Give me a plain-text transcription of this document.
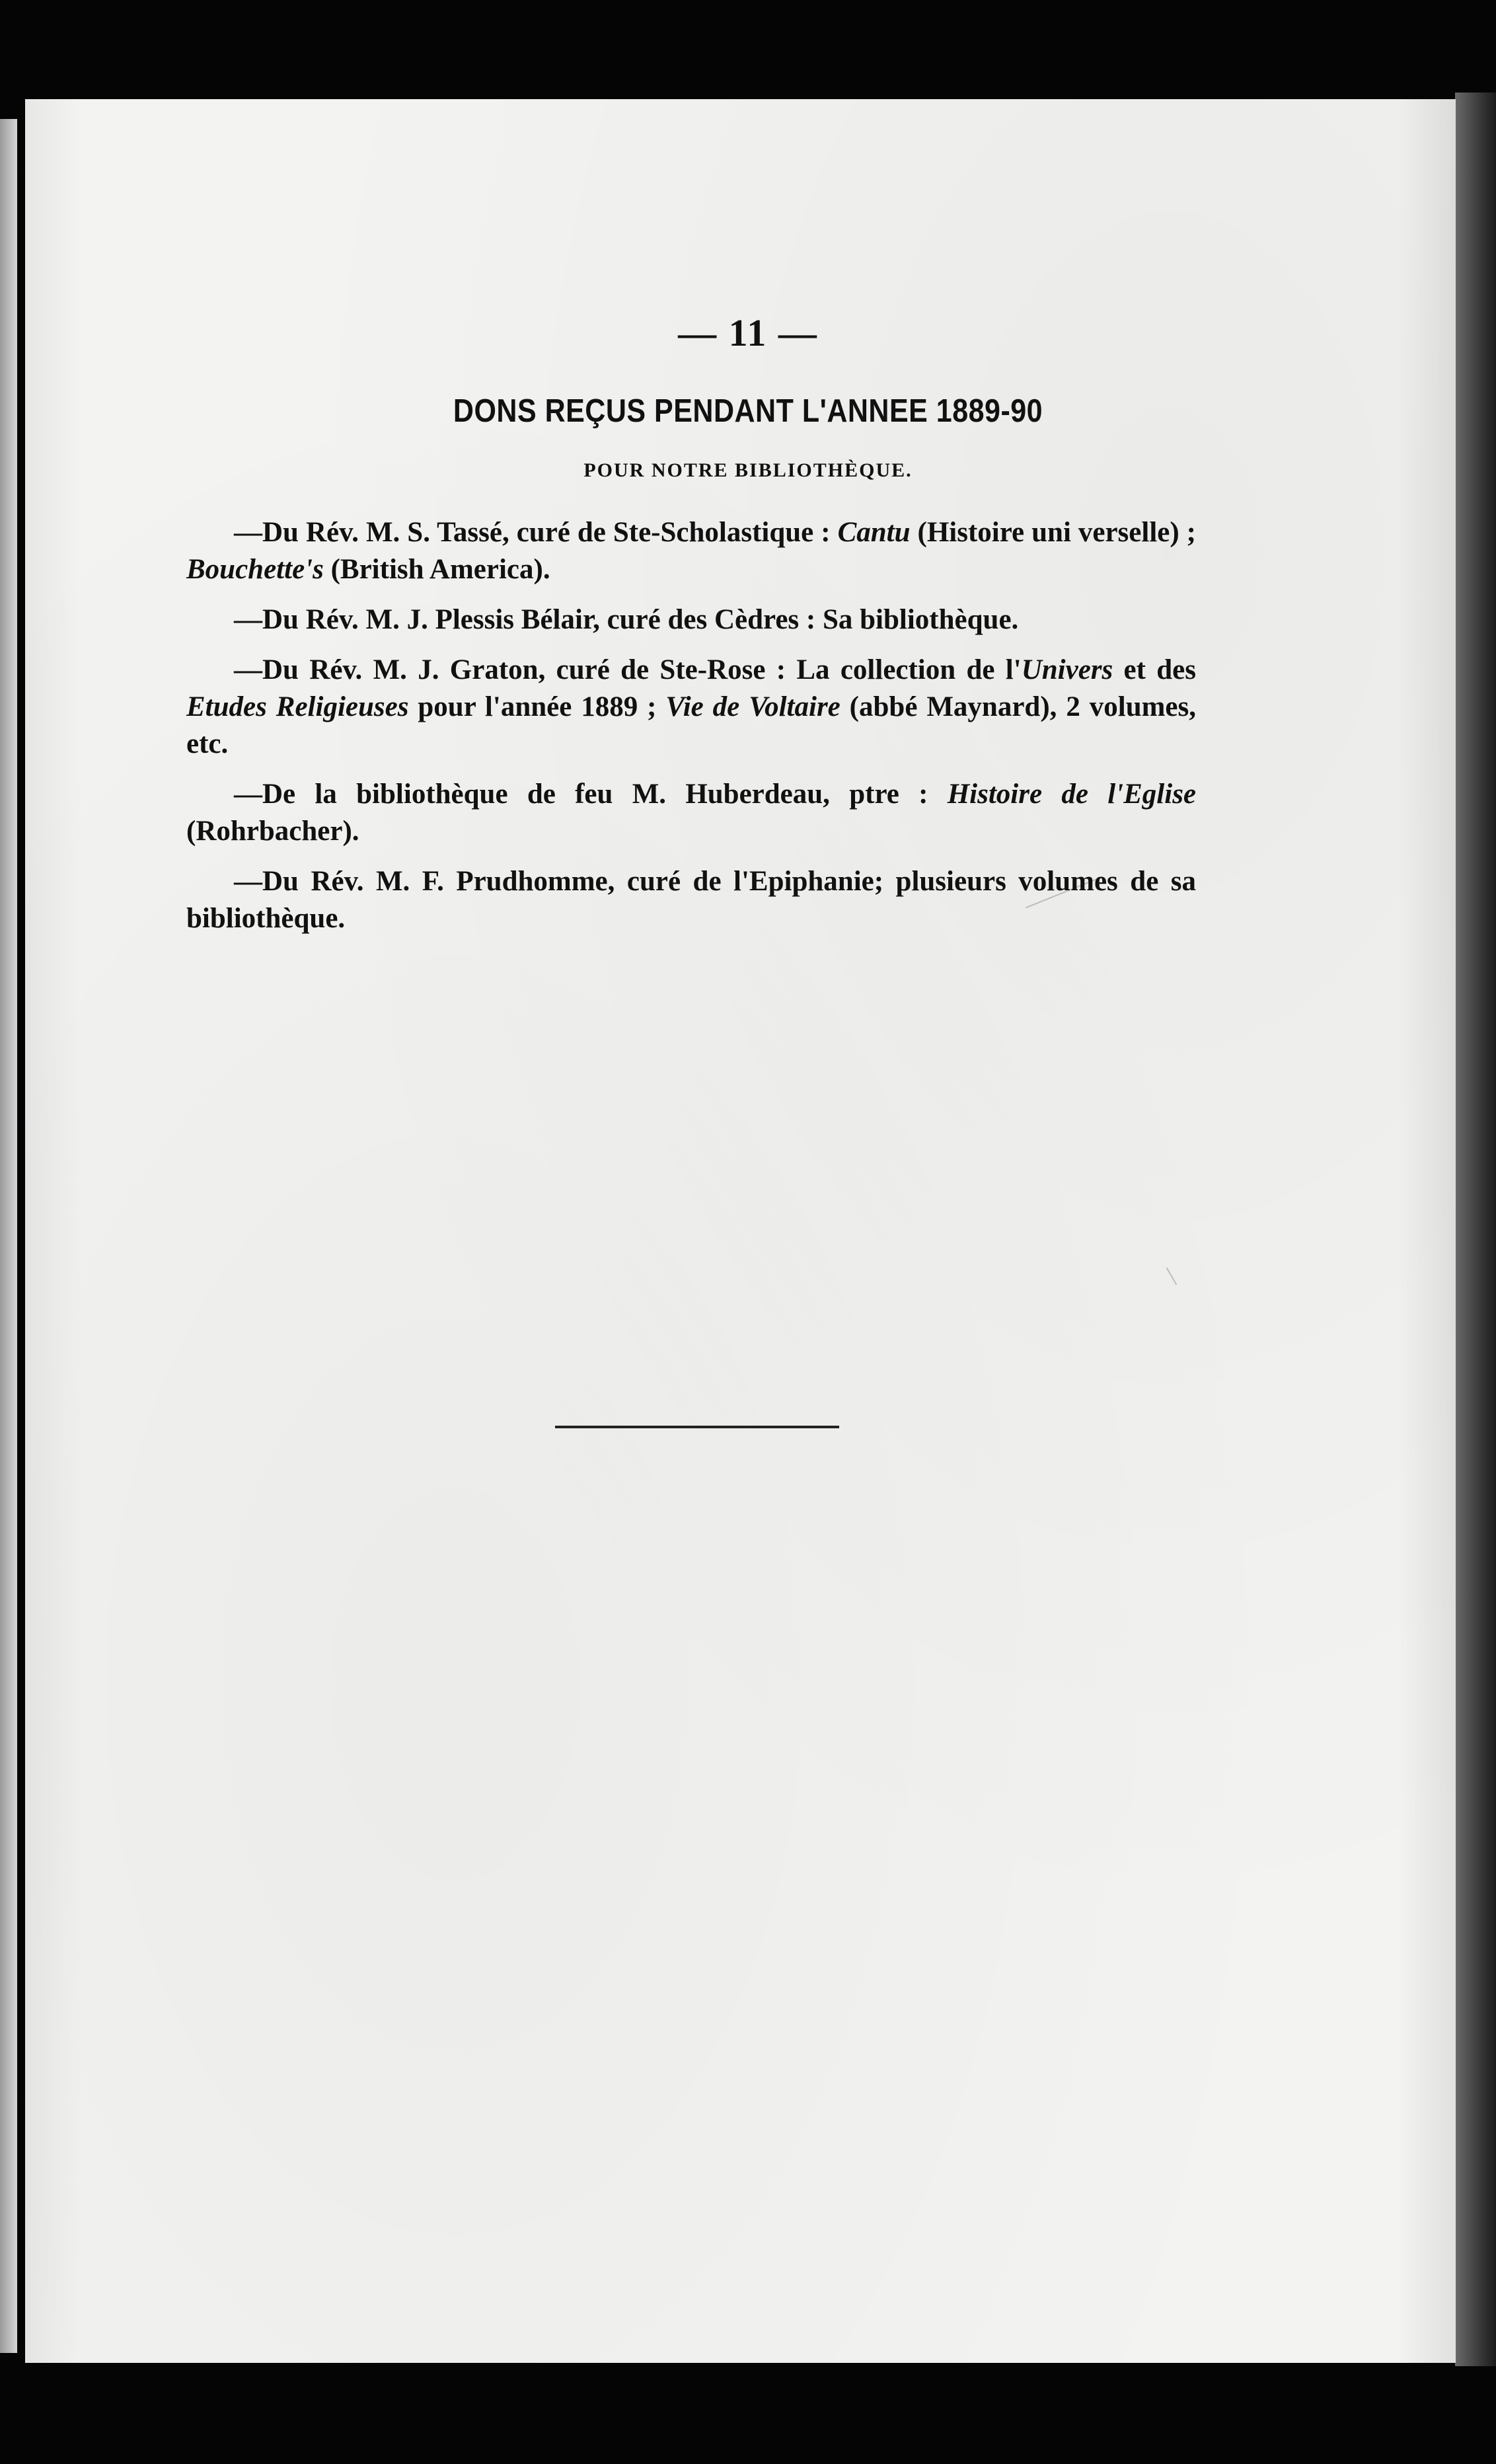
— 11 —
DONS REÇUS PENDANT L'ANNEE 1889-90
POUR NOTRE BIBLIOTHÈQUE.

—Du Rév. M. S. Tassé, curé de Ste-Scholastique : Cantu (Histoire uni verselle) ; Bouchette's (British America).

—Du Rév. M. J. Plessis Bélair, curé des Cèdres : Sa bibliothèque.

—Du Rév. M. J. Graton, curé de Ste-Rose : La collection de l'Univers et des Etudes Religieuses pour l'année 1889 ; Vie de Voltaire (abbé Maynard), 2 volumes, etc.

—De la bibliothèque de feu M. Huberdeau, ptre : Histoire de l'Eglise (Rohrbacher).

—Du Rév. M. F. Prudhomme, curé de l'Epiphanie; plusieurs volumes de sa bibliothèque.
